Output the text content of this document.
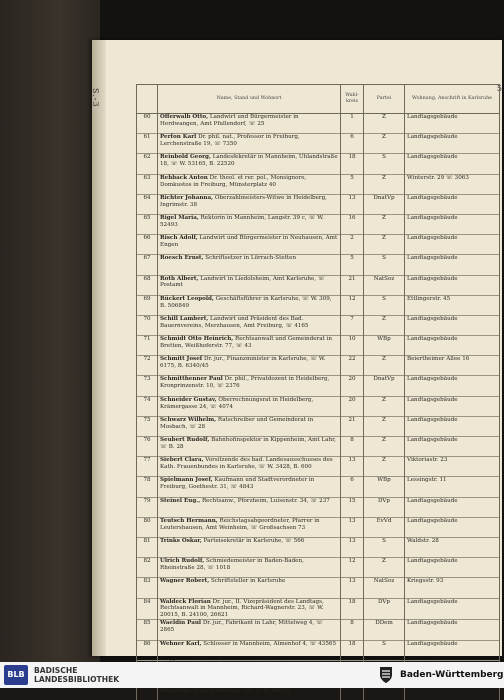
S.-3	5
	Name, Stand und Wohnort	Wahl-kreis	Partei	Wohnung, Anschrift in Karlsruhe
60	Offerwalb Otto, Landwirt und Bürgermeister in Herdwangen, Amt Pfullendorf, ☏ 25	1	Z	Landtagsgebäude
61	Perfon Karl Dr. phil. nat., Professor in Freiburg, Lerchenstraße 19, ☏ 7350	6	Z	Landtagsgebäude
62	Reinbold Georg, Landesfekretär in Mannheim, Uhlandstraße 18, ☏ W. 53165, B. 22520	18	S	Landtagsgebäude
63	Rehback Anton Dr. theol. et rer. pol., Monsignore, Domkustos in Freiburg, Münsterplatz 40	5	Z	Winterstr. 29 ☏ 3063
64	Richter Johanna, Oberzahlmeisters-Witwe in Heidelberg, Ingrimstr. 38	13	DnatVp	Landtagsgebäude
65	Rigel Maria, Rektorin in Mannheim, Langstr. 39 c, ☏ W. 52493	16	Z	Landtagsgebäude
66	Risch Adolf, Landwirt und Bürgermeister in Neuhausen, Amt Engen	2	Z	Landtagsgebäude
67	Roesch Ernst, Schriftsetzer in Lörrach-Stetten	5	S	Landtagsgebäude
68	Roth Albert, Landwirt in Liedolsheim, Amt Karlsruhe, ☏ Postamt	21	NatSoz	Landtagsgebäude
69	Rückert Leopold, Geschäftsführer in Karlsruhe, ☏ W. 309, B. 506849	12	S	Ettlingerstr. 45
70	Schill Lambert, Landwirt und Präsident des Bad. Bauernvereins, Merzhausen, Amt Freiburg, ☏ 4165	7	Z	Landtagsgebäude
71	Schmidt Otto Heinrich, Rechtsanwalt und Gemeinderat in Bretten, Weißhoferstr. 77, ☏ 43	10	WBp	Landtagsgebäude
72	Schmitt Josef Dr. jur., Finanzminister in Karlsruhe, ☏ W. 6175, B. 6340/45	22	Z	Beiertheimer Allee 16
73	Schmitthenner Paul Dr. phil., Privatdozent in Heidelberg, Kronprinzenstr. 10, ☏ 2376	20	DnatVp	Landtagsgebäude
74	Schneider Gustav, Oberrechnungsrat in Heidelberg, Krämergasse 24, ☏ 4074	20	Z	Landtagsgebäude
75	Schwarz Wilhelm, Ratschreiber und Gemeinderat in Mosbach, ☏ 28	21	Z	Landtagsgebäude
76	Seubert Rudolf, Bahnhofinspektor in Kippenheim, Amt Lahr, ☏ B. 28	8	Z	Landtagsgebäude
77	Siebert Clara, Vorsitzende des bad. Landesausschusses des Kath. Frauenbundes in Karlsruhe, ☏ W. 3428, B. 600	13	Z	Viktoriastr. 23
78	Spielmann Josef, Kaufmann und Stadtverordneter in Freiburg, Goethestr. 31, ☏ 4843	6	WBp	Lessingstr. 11
79	Steinel Eug., Rechtsanw., Pforzheim, Luisenstr. 34, ☏ 237	15	DVp	Landtagsgebäude
80	Teutsch Hermann, Reichstagsabgeordneter, Pfarrer in Leutershausen, Amt Weinheim, ☏ Großsachsen 73	13	EvVd	Landtagsgebäude
81	Trinks Oskar, Parteisekretär in Karlsruhe, ☏ 566	13	S	Waldstr. 28
82	Ulrich Rudolf, Schmiedemeister in Baden-Baden, Rheinstraße 28, ☏ 1018	12	Z	Landtagsgebäude
83	Wagner Robert, Schriftsteller in Karlsruhe	13	NatSoz	Kriegsstr. 93
84	Waldeck Florian Dr. jur., II. Vizepräsident des Landtags, Rechtsanwalt in Mannheim, Richard-Wagnerstr. 23, ☏ W. 20015, B. 24100, 26621	18	DVp	Landtagsgebäude
85	Waeldin Paul Dr. jur., Fabrikant in Lahr, Mittelweg 4, ☏ 2865	8	DDem	Landtagsgebäude
86	Wehner Karl, Schlosser in Mannheim, Almenhof 4, ☏ 43565	18	S	Landtagsgebäude

	Mannheim, Prinz-Wilhelmstr. 20, ☏ W. 44082			
BLB	BADISCHE
LANDESBIBLIOTHEK	Baden-Württemberg
